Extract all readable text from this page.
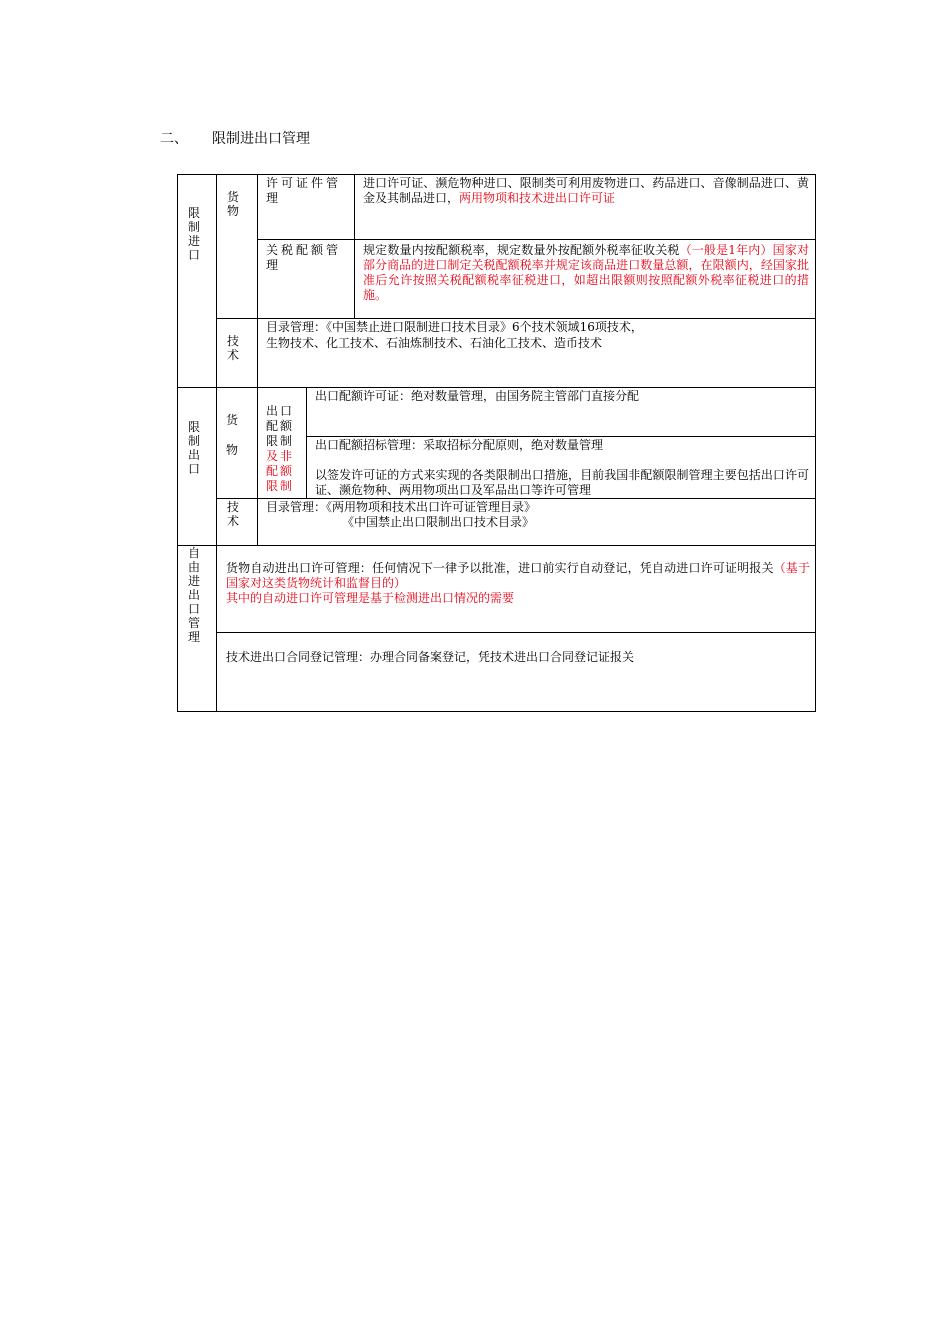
二、 限制进出口管理
限制进口
货物
许可证件管理
进口许可证、濒危物种进口、限制类可利用废物进口、药品进口、音像制品进口、黄金及其制品进口，两用物项和技术进出口许可证
关税配额管理
规定数量内按配额税率，规定数量外按配额外税率征收关税（一般是1年内）国家对部分商品的进口制定关税配额税率并规定该商品进口数量总额，在限额内，经国家批准后允许按照关税配额税率征税进口，如超出限额则按照配额外税率征税进口的措施。
技术
目录管理：《中国禁止进口限制进口技术目录》6个技术领域16项技术，
生物技术、化工技术、石油炼制技术、石油化工技术、造币技术
限制出口
货物
出口配额限制及非配额限制
出口配额许可证：绝对数量管理，由国务院主管部门直接分配
出口配额招标管理：采取招标分配原则，绝对数量管理
以签发许可证的方式来实现的各类限制出口措施，目前我国非配额限制管理主要包括出口许可证、濒危物种、两用物项出口及军品出口等许可管理
技术
目录管理：《两用物项和技术出口许可证管理目录》
《中国禁止出口限制出口技术目录》
自由进出口管理
货物自动进出口许可管理：任何情况下一律予以批准，进口前实行自动登记，凭自动进口许可证明报关（基于国家对这类货物统计和监督目的）
其中的自动进口许可管理是基于检测进出口情况的需要
技术进出口合同登记管理：办理合同备案登记，凭技术进出口合同登记证报关
